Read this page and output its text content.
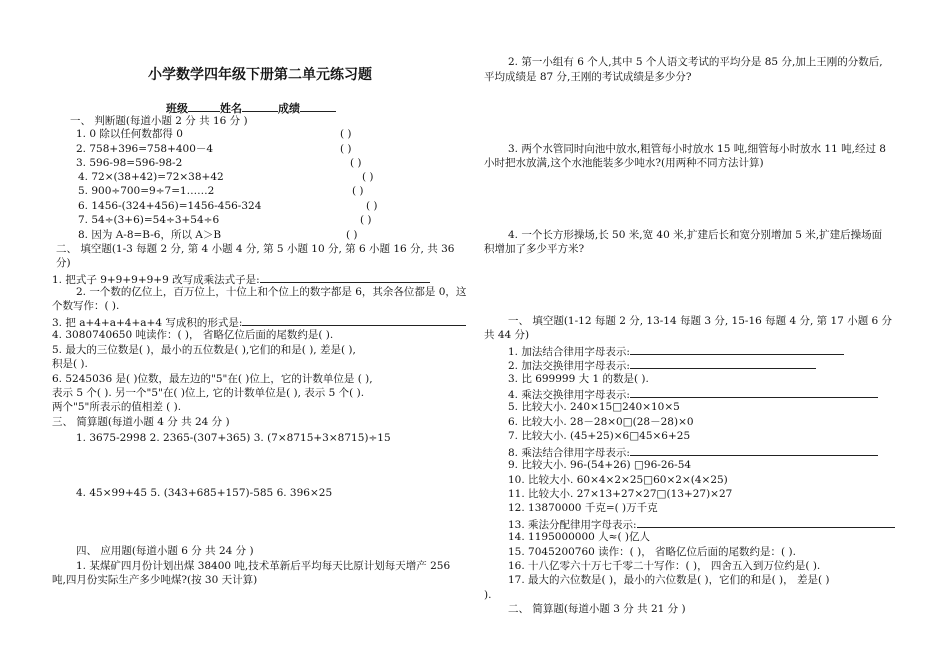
小学数学四年级下册第二单元练习题
班级	姓名	成绩
一、 判断题(每道小题 2 分 共 16 分 )
1. 0 除以任何数都得 0	( )
2. 758+396=758+400－4	( )
3. 596-98=596-98-2	( )
4. 72×(38+42)=72×38+42	( )
5. 900÷700=9÷7=1……2	( )
6. 1456-(324+456)=1456-456-324	( )
7. 54÷(3+6)=54÷3+54÷6	( )
8. 因为 A-8=B-6，所以 A＞B	( )
二、 填空题(1-3 每题 2 分, 第 4 小题 4 分, 第 5 小题 10 分, 第 6 小题 16 分, 共 36
分)
1. 把式子 9+9+9+9+9 改写成乘法式子是:
2. 一个数的亿位上，百万位上，十位上和个位上的数字都是 6，其余各位都是 0，这
个数写作：( ).
3. 把 a+4+a+4+a+4 写成积的形式是:
4. 3080740650 吨读作：( )， 省略亿位后面的尾数约是( ).
5. 最大的三位数是( )，最小的五位数是( ),它们的和是( ), 差是( ),
积是( ).
6. 5245036 是( )位数，最左边的"5"在( )位上，它的计数单位是 ( ),
表示 5 个( ). 另一个"5"在( )位上, 它的计数单位是( ), 表示 5 个( ).
两个"5"所表示的值相差 ( ).
三、 简算题(每道小题 4 分 共 24 分 )
1. 3675-2998 2. 2365-(307+365) 3. (7×8715+3×8715)÷15
4. 45×99+45 5. (343+685+157)-585 6. 396×25
四、 应用题(每道小题 6 分 共 24 分 )
1. 某煤矿四月份计划出煤 38400 吨,技术革新后平均每天比原计划每天增产 256
吨,四月份实际生产多少吨煤?(按 30 天计算)
2. 第一小组有 6 个人,其中 5 个人语文考试的平均分是 85 分,加上王刚的分数后,
平均成绩是 87 分,王刚的考试成绩是多少分?
3. 两个水管同时向池中放水,粗管每小时放水 15 吨,细管每小时放水 11 吨,经过 8
小时把水放满,这个水池能装多少吨水?(用两种不同方法计算)
4. 一个长方形操场,长 50 米,宽 40 米,扩建后长和宽分别增加 5 米,扩建后操场面
积增加了多少平方米?
一、 填空题(1-12 每题 2 分, 13-14 每题 3 分, 15-16 每题 4 分, 第 17 小题 6 分
共 44 分)
1. 加法结合律用字母表示:
2. 加法交换律用字母表示:
3. 比 699999 大 1 的数是( ).
4. 乘法交换律用字母表示:
5. 比较大小. 240×15□240×10×5
6. 比较大小. 28－28×0□(28－28)×0
7. 比较大小. (45+25)×6□45×6+25
8. 乘法结合律用字母表示:
9. 比较大小. 96-(54+26) □96-26-54
10. 比较大小. 60×4×2×25□60×2×(4×25)
11. 比较大小. 27×13+27×27□(13+27)×27
12. 13870000 千克=( )万千克
13. 乘法分配律用字母表示:
14. 1195000000 人≈( )亿人
15. 7045200760 读作：( )， 省略亿位后面的尾数约是：( ).
16. 十八亿零六十万七千零二十写作：( )， 四舍五入到万位约是( ).
17. 最大的六位数是( )，最小的六位数是( )，它们的和是( )， 差是( )
).
二、 简算题(每道小题 3 分 共 21 分 )
